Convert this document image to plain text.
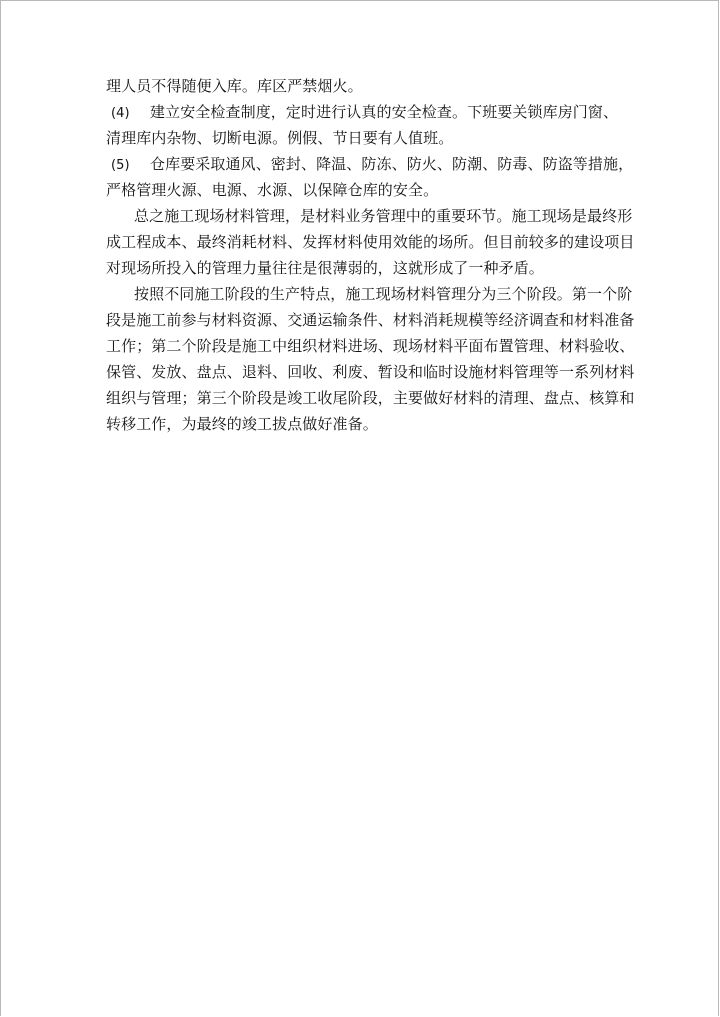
理人员不得随便入库。库区严禁烟火。
(4) 建立安全检查制度，定时进行认真的安全检查。下班要关锁库房门窗、
清理库内杂物、切断电源。例假、节日要有人值班。
(5) 仓库要采取通风、密封、降温、防冻、防火、防潮、防毒、防盗等措施，
严格管理火源、电源、水源、以保障仓库的安全。
总之施工现场材料管理，是材料业务管理中的重要环节。施工现场是最终形
成工程成本、最终消耗材料、发挥材料使用效能的场所。但目前较多的建设项目
对现场所投入的管理力量往往是很薄弱的，这就形成了一种矛盾。
按照不同施工阶段的生产特点，施工现场材料管理分为三个阶段。第一个阶
段是施工前参与材料资源、交通运输条件、材料消耗规模等经济调查和材料准备
工作；第二个阶段是施工中组织材料进场、现场材料平面布置管理、材料验收、
保管、发放、盘点、退料、回收、利废、暂设和临时设施材料管理等一系列材料
组织与管理；第三个阶段是竣工收尾阶段，主要做好材料的清理、盘点、核算和
转移工作，为最终的竣工拔点做好准备。
